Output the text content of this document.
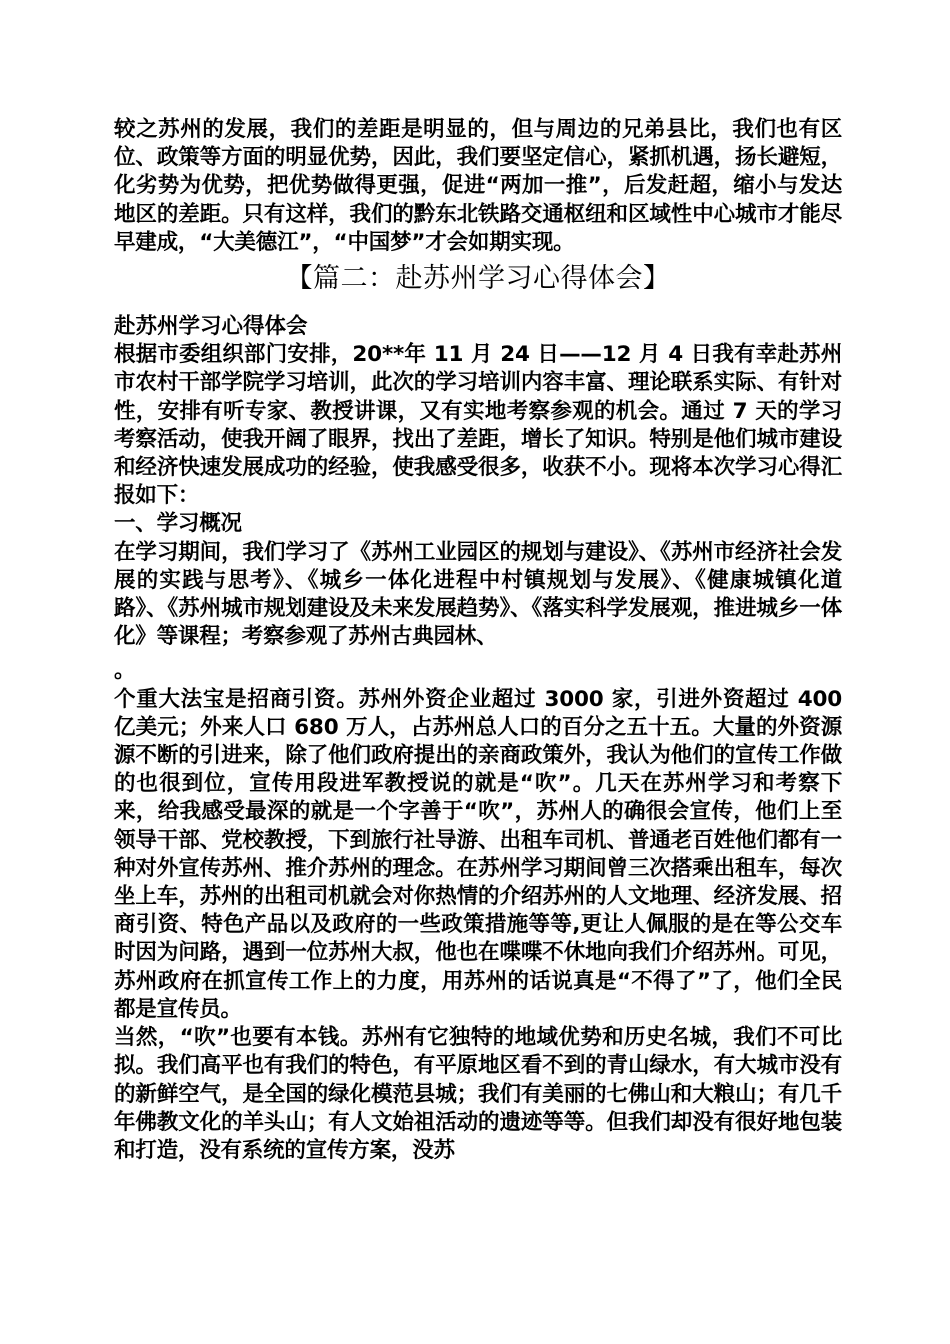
较之苏州的发展，我们的差距是明显的，但与周边的兄弟县比，我们也有区位、政策等方面的明显优势，因此，我们要坚定信心，紧抓机遇，扬长避短，化劣势为优势，把优势做得更强，促进“两加一推”，后发赶超，缩小与发达地区的差距。只有这样，我们的黔东北铁路交通枢纽和区域性中心城市才能尽早建成，“大美德江”，“中国梦”才会如期实现。

【篇二：赴苏州学习心得体会】

赴苏州学习心得体会

根据市委组织部门安排，20**年 11 月 24 日——12 月 4 日我有幸赴苏州市农村干部学院学习培训，此次的学习培训内容丰富、理论联系实际、有针对性，安排有听专家、教授讲课，又有实地考察参观的机会。通过 7 天的学习考察活动，使我开阔了眼界，找出了差距，增长了知识。特别是他们城市建设和经济快速发展成功的经验，使我感受很多，收获不小。现将本次学习心得汇报如下：

一、学习概况

在学习期间，我们学习了《苏州工业园区的规划与建设》、《苏州市经济社会发展的实践与思考》、《城乡一体化进程中村镇规划与发展》、《健康城镇化道路》、《苏州城市规划建设及未来发展趋势》、《落实科学发展观，推进城乡一体化》等课程；考察参观了苏州古典园林、

。

个重大法宝是招商引资。苏州外资企业超过 3000 家，引进外资超过 400 亿美元；外来人口 680 万人，占苏州总人口的百分之五十五。大量的外资源源不断的引进来，除了他们政府提出的亲商政策外，我认为他们的宣传工作做的也很到位，宣传用段进军教授说的就是“吹”。几天在苏州学习和考察下来，给我感受最深的就是一个字善于“吹”，苏州人的确很会宣传，他们上至领导干部、党校教授，下到旅行社导游、出租车司机、普通老百姓他们都有一种对外宣传苏州、推介苏州的理念。在苏州学习期间曾三次搭乘出租车，每次坐上车，苏州的出租司机就会对你热情的介绍苏州的人文地理、经济发展、招商引资、特色产品以及政府的一些政策措施等等,更让人佩服的是在等公交车时因为问路，遇到一位苏州大叔，他也在喋喋不休地向我们介绍苏州。可见，苏州政府在抓宣传工作上的力度，用苏州的话说真是“不得了”了，他们全民都是宣传员。

当然，“吹”也要有本钱。苏州有它独特的地域优势和历史名城，我们不可比拟。我们高平也有我们的特色，有平原地区看不到的青山绿水，有大城市没有的新鲜空气，是全国的绿化模范县城；我们有美丽的七佛山和大粮山；有几千年佛教文化的羊头山；有人文始祖活动的遗迹等等。但我们却没有很好地包装和打造，没有系统的宣传方案，没苏
